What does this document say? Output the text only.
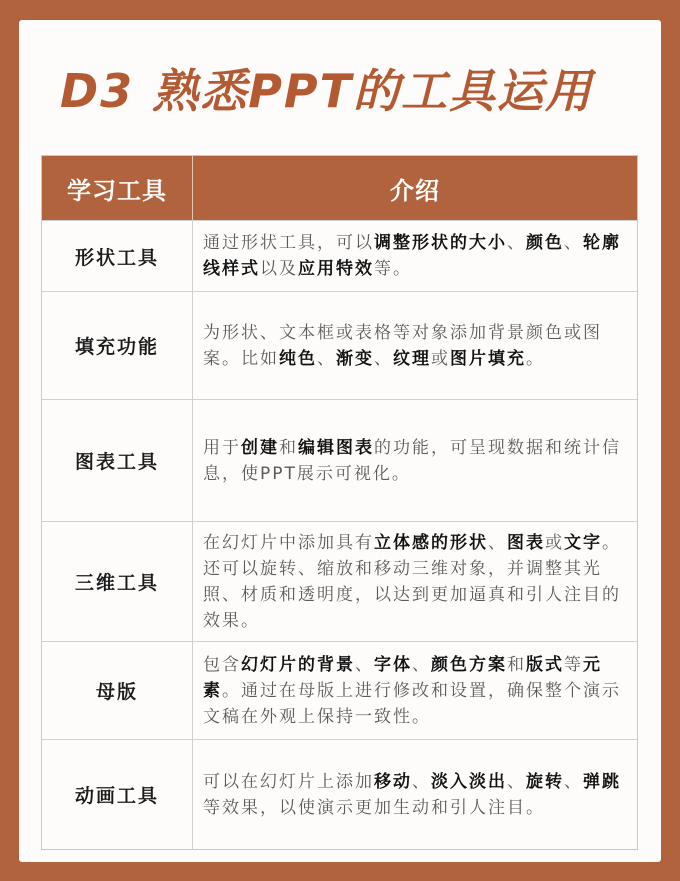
D3 熟悉PPT的工具运用
学习工具	介绍
形状工具
通过形状工具，可以调整形状的大小、颜色、轮廓线样式以及应用特效等。
填充功能
为形状、文本框或表格等对象添加背景颜色或图案。比如纯色、渐变、纹理或图片填充。
图表工具
用于创建和编辑图表的功能，可呈现数据和统计信息，使PPT展示可视化。
三维工具
在幻灯片中添加具有立体感的形状、图表或文字。还可以旋转、缩放和移动三维对象，并调整其光照、材质和透明度，以达到更加逼真和引人注目的效果。
母版
包含幻灯片的背景、字体、颜色方案和版式等元素。通过在母版上进行修改和设置，确保整个演示文稿在外观上保持一致性。
动画工具
可以在幻灯片上添加移动、淡入淡出、旋转、弹跳等效果，以使演示更加生动和引人注目。
